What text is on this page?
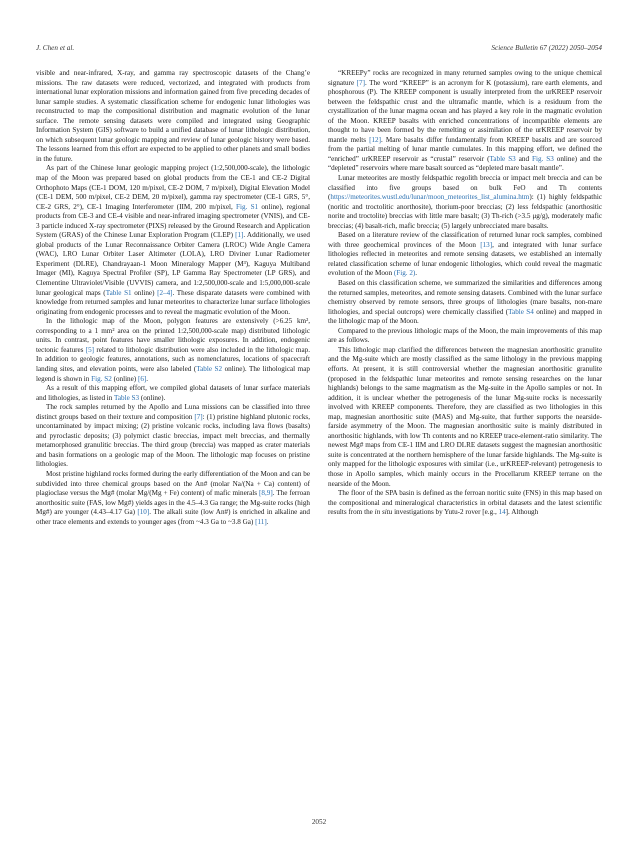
J. Chen et al.	Science Bulletin 67 (2022) 2050–2054

visible and near-infrared, X-ray, and gamma ray spectroscopic datasets of the Chang’e missions. The raw datasets were reduced, vectorized, and integrated with products from international lunar exploration missions and information gained from five preceding decades of lunar sample studies. A systematic classification scheme for endogenic lunar lithologies was reconstructed to map the compositional distribution and magmatic evolution of the lunar surface. The remote sensing datasets were compiled and integrated using Geographic Information System (GIS) software to build a unified database of lunar lithologic distribution, on which subsequent lunar geologic mapping and review of lunar geologic history were based. The lessons learned from this effort are expected to be applied to other planets and small bodies in the future.

As part of the Chinese lunar geologic mapping project (1:2,500,000-scale), the lithologic map of the Moon was prepared based on global products from the CE-1 and CE-2 Digital Orthophoto Maps (CE-1 DOM, 120 m/pixel, CE-2 DOM, 7 m/pixel), Digital Elevation Model (CE-1 DEM, 500 m/pixel, CE-2 DEM, 20 m/pixel), gamma ray spectrometer (CE-1 GRS, 5°, CE-2 GRS, 2°), CE-1 Imaging Interferometer (IIM, 200 m/pixel, Fig. S1 online), regional products from CE-3 and CE-4 visible and near-infrared imaging spectrometer (VNIS), and CE-3 particle induced X-ray spectrometer (PIXS) released by the Ground Research and Application System (GRAS) of the Chinese Lunar Exploration Program (CLEP) [1]. Additionally, we used global products of the Lunar Reconnaissance Orbiter Camera (LROC) Wide Angle Camera (WAC), LRO Lunar Orbiter Laser Altimeter (LOLA), LRO Diviner Lunar Radiometer Experiment (DLRE), Chandrayaan-1 Moon Mineralogy Mapper (M³), Kaguya Multiband Imager (MI), Kaguya Spectral Profiler (SP), LP Gamma Ray Spectrometer (LP GRS), and Clementine Ultraviolet/Visible (UVVIS) camera, and 1:2,500,000-scale and 1:5,000,000-scale lunar geological maps (Table S1 online) [2–4]. These disparate datasets were combined with knowledge from returned samples and lunar meteorites to characterize lunar surface lithologies originating from endogenic processes and to reveal the magmatic evolution of the Moon.

In the lithologic map of the Moon, polygon features are extensively (>6.25 km², corresponding to a 1 mm² area on the printed 1:2,500,000-scale map) distributed lithologic units. In contrast, point features have smaller lithologic exposures. In addition, endogenic tectonic features [5] related to lithologic distribution were also included in the lithologic map. In addition to geologic features, annotations, such as nomenclatures, locations of spacecraft landing sites, and elevation points, were also labeled (Table S2 online). The lithological map legend is shown in Fig. S2 (online) [6].

As a result of this mapping effort, we compiled global datasets of lunar surface materials and lithologies, as listed in Table S3 (online).

The rock samples returned by the Apollo and Luna missions can be classified into three distinct groups based on their texture and composition [7]: (1) pristine highland plutonic rocks, uncontaminated by impact mixing; (2) pristine volcanic rocks, including lava flows (basalts) and pyroclastic deposits; (3) polymict clastic breccias, impact melt breccias, and thermally metamorphosed granulitic breccias. The third group (breccia) was mapped as crater materials and basin formations on a geologic map of the Moon. The lithologic map focuses on pristine lithologies.

Most pristine highland rocks formed during the early differentiation of the Moon and can be subdivided into three chemical groups based on the An# (molar Na/(Na + Ca) content) of plagioclase versus the Mg# (molar Mg/(Mg + Fe) content) of mafic minerals [8,9]. The ferroan anorthositic suite (FAS, low Mg#) yields ages in the 4.5–4.3 Ga range; the Mg-suite rocks (high Mg#) are younger (4.43–4.17 Ga) [10]. The alkali suite (low An#) is enriched in alkaline and other trace elements and extends to younger ages (from ~4.3 Ga to ~3.8 Ga) [11].

“KREEPy” rocks are recognized in many returned samples owing to the unique chemical signature [7]. The word “KREEP” is an acronym for K (potassium), rare earth elements, and phosphorous (P). The KREEP component is usually interpreted from the urKREEP reservoir between the feldspathic crust and the ultramafic mantle, which is a residuum from the crystallization of the lunar magma ocean and has played a key role in the magmatic evolution of the Moon. KREEP basalts with enriched concentrations of incompatible elements are thought to have been formed by the remelting or assimilation of the urKREEP reservoir by mantle melts [12]. Mare basalts differ fundamentally from KREEP basalts and are sourced from the partial melting of lunar mantle cumulates. In this mapping effort, we defined the “enriched” urKREEP reservoir as “crustal” reservoir (Table S3 and Fig. S3 online) and the “depleted” reservoirs where mare basalt sourced as “depleted mare basalt mantle”.

Lunar meteorites are mostly feldspathic regolith breccia or impact melt breccia and can be classified into five groups based on bulk FeO and Th contents (https://meteorites.wustl.edu/lunar/moon_meteorites_list_alumina.htm): (1) highly feldspathic (noritic and troctolitic anorthosite), thorium-poor breccias; (2) less feldspathic (anorthositic norite and troctolite) breccias with little mare basalt; (3) Th-rich (>3.5 μg/g), moderately mafic breccias; (4) basalt-rich, mafic breccia; (5) largely unbrecciated mare basalts.

Based on a literature review of the classification of returned lunar rock samples, combined with three geochemical provinces of the Moon [13], and integrated with lunar surface lithologies reflected in meteorites and remote sensing datasets, we established an internally related classification scheme of lunar endogenic lithologies, which could reveal the magmatic evolution of the Moon (Fig. 2).

Based on this classification scheme, we summarized the similarities and differences among the returned samples, meteorites, and remote sensing datasets. Combined with the lunar surface chemistry observed by remote sensors, three groups of lithologies (mare basalts, non-mare lithologies, and special outcrops) were chemically classified (Table S4 online) and mapped in the lithologic map of the Moon.

Compared to the previous lithologic maps of the Moon, the main improvements of this map are as follows.

This lithologic map clarified the differences between the magnesian anorthositic granulite and the Mg-suite which are mostly classified as the same lithology in the previous mapping efforts. At present, it is still controversial whether the magnesian anorthositic granulite (proposed in the feldspathic lunar meteorites and remote sensing researches on the lunar highlands) belongs to the same magmatism as the Mg-suite in the Apollo samples or not. In addition, it is unclear whether the petrogenesis of the lunar Mg-suite rocks is necessarily involved with KREEP components. Therefore, they are classified as two lithologies in this map, magnesian anorthositic suite (MAS) and Mg-suite, that further supports the nearside-farside asymmetry of the Moon. The magnesian anorthositic suite is mainly distributed in anorthositic highlands, with low Th contents and no KREEP trace-element-ratio similarity. The newest Mg# maps from CE-1 IIM and LRO DLRE datasets suggest the magnesian anorthositic suite is concentrated at the northern hemisphere of the lunar farside highlands. The Mg-suite is only mapped for the lithologic exposures with similar (i.e., urKREEP-relevant) petrogenesis to those in Apollo samples, which mainly occurs in the Procellarum KREEP terrane on the nearside of the Moon.

The floor of the SPA basin is defined as the ferroan noritic suite (FNS) in this map based on the compositional and mineralogical characteristics in orbital datasets and the latest scientific results from the in situ investigations by Yutu-2 rover [e.g., 14]. Although

2052
